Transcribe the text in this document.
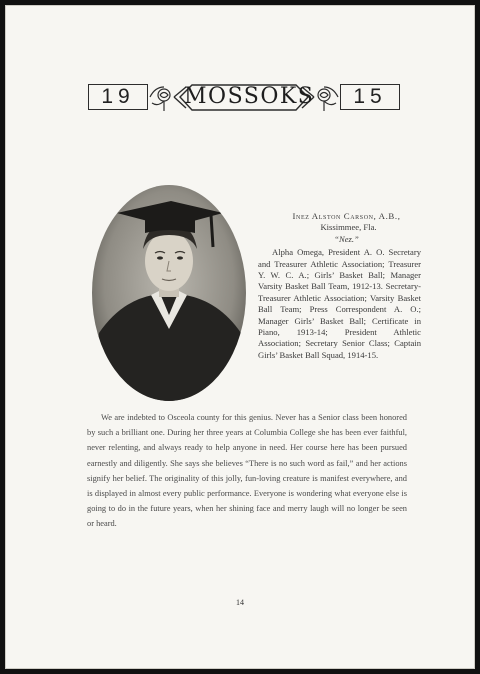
19	MOSSOKS	15
Inez Alston Carson, A.B.,
Kissimmee, Fla.
“Nez.”
Alpha Omega, President A. O. Secretary and Treasurer Athletic Association; Treasurer Y. W. C. A.; Girls’ Basket Ball; Manager Varsity Basket Ball Team, 1912-13. Secretary-Treasurer Athletic Association; Varsity Basket Ball Team; Press Correspondent A. O.; Manager Girls’ Basket Ball; Certificate in Piano, 1913-14; President Athletic Association; Secretary Senior Class; Captain Girls’ Basket Ball Squad, 1914-15.
We are indebted to Osceola county for this genius. Never has a Senior class been honored by such a brilliant one. During her three years at Columbia College she has been ever faithful, never relenting, and always ready to help anyone in need. Her course here has been pursued earnestly and diligently. She says she believes “There is no such word as fail,” and her actions signify her belief. The originality of this jolly, fun-loving creature is manifest everywhere, and is displayed in almost every public performance. Everyone is wondering what everyone else is going to do in the future years, when her shining face and merry laugh will no longer be seen or heard.
14
